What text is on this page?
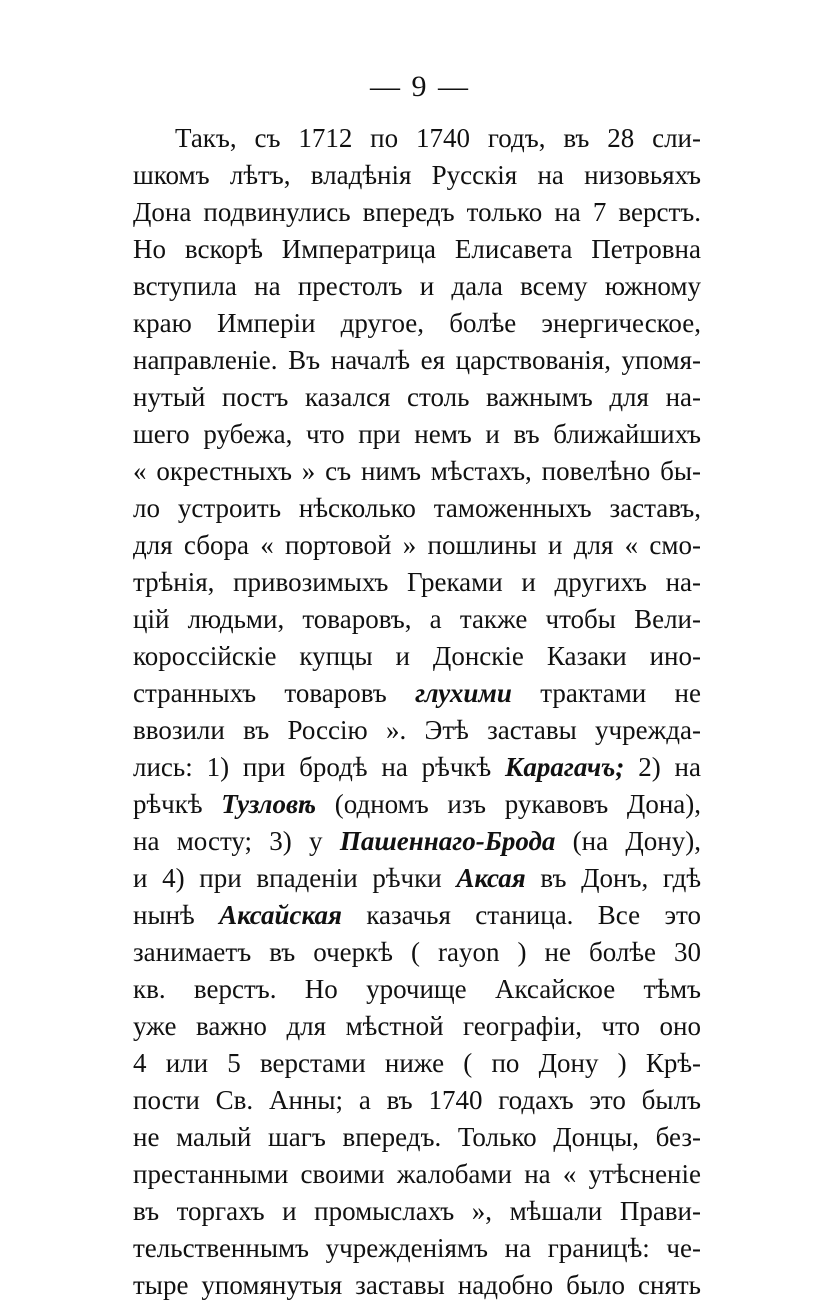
— 9 —
Такъ, съ 1712 по 1740 годъ, въ 28 сли-
шкомъ лѣтъ, владѣнія Русскія на низовьяхъ
Дона подвинулись впередъ только на 7 верстъ.
Но вскорѣ Императрица Елисавета Петровна
вступила на престолъ и дала всему южному
краю Имперіи другое, болѣе энергическое,
направленіе. Въ началѣ ея царствованія, упомя-
нутый постъ казался столь важнымъ для на-
шего рубежа, что при немъ и въ ближайшихъ
« окрестныхъ » съ нимъ мѣстахъ, повелѣно бы-
ло устроить нѣсколько таможенныхъ заставъ,
для сбора « портовой » пошлины и для « смо-
трѣнія, привозимыхъ Греками и другихъ на-
цій людьми, товаровъ, а также чтобы Вели-
короссійскіе купцы и Донскіе Казаки ино-
странныхъ товаровъ глухими трактами не
ввозили въ Россію ». Этѣ заставы учрежда-
лись: 1) при бродѣ на рѣчкѣ Карагачъ; 2) на
рѣчкѣ Тузловѣ (одномъ изъ рукавовъ Дона),
на мосту; 3) у Пашеннаго-Брода (на Дону),
и 4) при впаденіи рѣчки Аксая въ Донъ, гдѣ
нынѣ Аксайская казачья станица. Все это
занимаетъ въ очеркѣ ( rayon ) не болѣе 30
кв. верстъ. Но урочище Аксайское тѣмъ
уже важно для мѣстной географіи, что оно
4 или 5 верстами ниже ( по Дону ) Крѣ-
пости Св. Анны; а въ 1740 годахъ это былъ
не малый шагъ впередъ. Только Донцы, без-
престанными своими жалобами на « утѣсненіе
въ торгахъ и промыслахъ », мѣшали Прави-
тельственнымъ учрежденіямъ на границѣ: че-
тыре упомянутыя заставы надобно было снять
